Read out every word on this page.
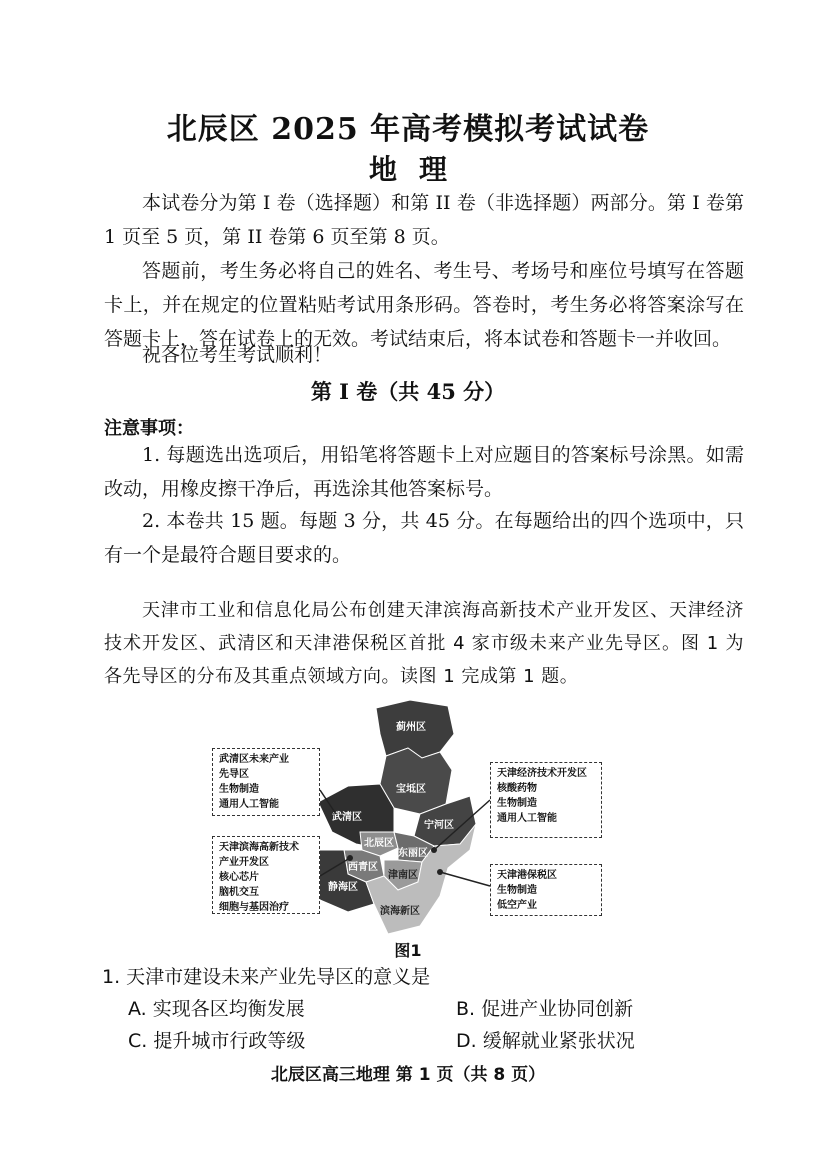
北辰区 2025 年高考模拟考试试卷
地理
本试卷分为第 I 卷（选择题）和第 II 卷（非选择题）两部分。第 I 卷第 1 页至 5 页，第 II 卷第 6 页至第 8 页。
答题前，考生务必将自己的姓名、考生号、考场号和座位号填写在答题卡上，并在规定的位置粘贴考试用条形码。答卷时，考生务必将答案涂写在答题卡上，答在试卷上的无效。考试结束后，将本试卷和答题卡一并收回。
祝各位考生考试顺利！
第 I 卷（共 45 分）
注意事项：
1. 每题选出选项后，用铅笔将答题卡上对应题目的答案标号涂黑。如需改动，用橡皮擦干净后，再选涂其他答案标号。
2. 本卷共 15 题。每题 3 分，共 45 分。在每题给出的四个选项中，只有一个是最符合题目要求的。
天津市工业和信息化局公布创建天津滨海高新技术产业开发区、天津经济技术开发区、武清区和天津港保税区首批 4 家市级未来产业先导区。图 1 为各先导区的分布及其重点领域方向。读图 1 完成第 1 题。
蓟州区
宝坻区
武清区
宁河区
北辰区
东丽区
西青区
津南区
静海区
滨海新区
武清区未来产业
先导区
生物制造
通用人工智能
天津滨海高新技术
产业开发区
核心芯片
脑机交互
细胞与基因治疗
天津经济技术开发区
核酸药物
生物制造
通用人工智能
天津港保税区
生物制造
低空产业
图1
1. 天津市建设未来产业先导区的意义是
A. 实现各区均衡发展	B. 促进产业协同创新
C. 提升城市行政等级	D. 缓解就业紧张状况
北辰区高三地理 第 1 页（共 8 页）
